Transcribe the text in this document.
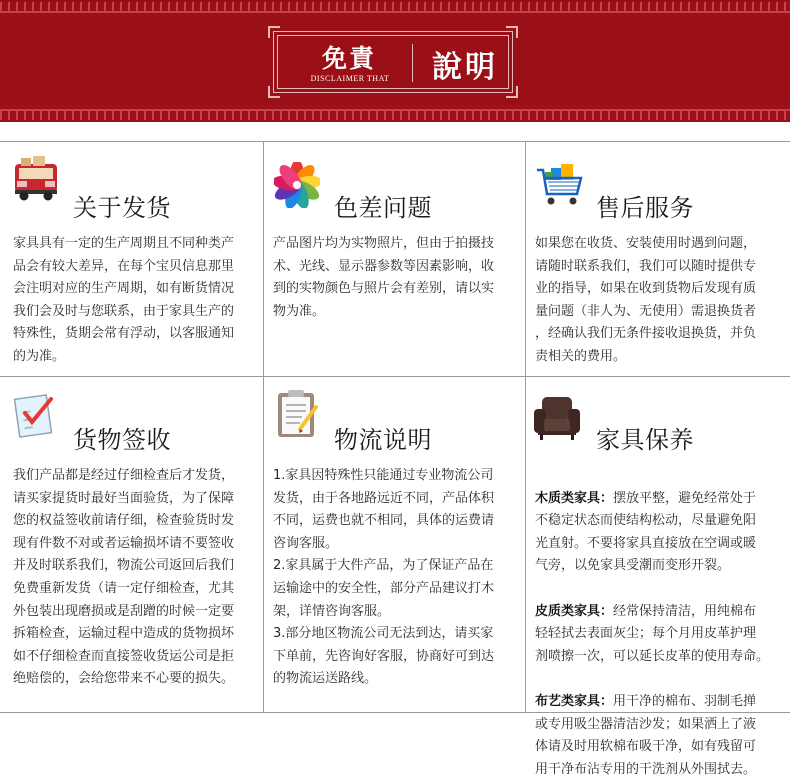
免責
DISCLAIMER THAT	說明
关于发货
家具具有一定的生产周期且不同种类产
品会有较大差异，在每个宝贝信息那里
会注明对应的生产周期，如有断货情况
我们会及时与您联系，由于家具生产的
特殊性，货期会常有浮动，以客服通知
的为准。
色差问题
产品图片均为实物照片，但由于拍摄技
术、光线、显示器参数等因素影响，收
到的实物颜色与照片会有差别，请以实
物为准。
售后服务
如果您在收货、安装使用时遇到问题，
请随时联系我们，我们可以随时提供专
业的指导，如果在收到货物后发现有质
量问题（非人为、无使用）需退换货者
，经确认我们无条件接收退换货，并负
责相关的费用。
货物签收
我们产品都是经过仔细检查后才发货，
请买家提货时最好当面验货，为了保障
您的权益签收前请仔细，检查验货时发
现有件数不对或者运输损坏请不要签收
并及时联系我们，物流公司返回后我们
免费重新发货（请一定仔细检查，尤其
外包装出现磨损或是刮蹭的时候一定要
拆箱检查，运输过程中造成的货物损坏
如不仔细检查而直接签收货运公司是拒
绝赔偿的，会给您带来不心要的损失。
物流说明
1.家具因特殊性只能通过专业物流公司
发货，由于各地路远近不同，产品体积
不同，运费也就不相同，具体的运费请
咨询客服。
2.家具属于大件产品，为了保证产品在
运输途中的安全性，部分产品建议打木
架，详情咨询客服。
3.部分地区物流公司无法到达，请买家
下单前，先咨询好客服，协商好可到达
的物流运送路线。
家具保养

木质类家具：摆放平整，避免经常处于
不稳定状态而使结构松动，尽量避免阳
光直射。不要将家具直接放在空调或暖
气旁，以免家具受潮而变形开裂。

皮质类家具：经常保持清洁，用纯棉布
轻轻拭去表面灰尘；每个月用皮革护理
剂喷擦一次，可以延长皮革的使用寿命。

布艺类家具：用干净的棉布、羽制毛掸
或专用吸尘器清洁沙发；如果洒上了液
体请及时用软棉布吸干净，如有残留可
用干净布沾专用的干洗剂从外围拭去。
